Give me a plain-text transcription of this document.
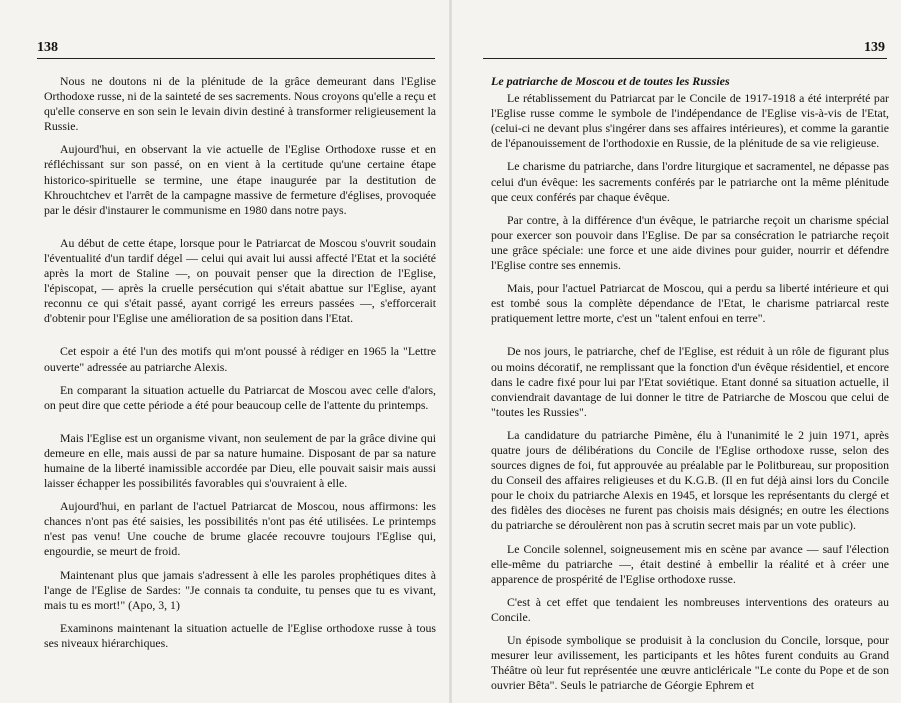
138

Nous ne doutons ni de la plénitude de la grâce demeurant dans l'Eglise Orthodoxe russe, ni de la sainteté de ses sacrements. Nous croyons qu'elle a reçu et qu'elle conserve en son sein le levain divin destiné à transformer religieusement la Russie.

Aujourd'hui, en observant la vie actuelle de l'Eglise Orthodoxe russe et en réfléchissant sur son passé, on en vient à la certitude qu'une certaine étape historico-spirituelle se termine, une étape inaugurée par la destitution de Khrouchtchev et l'arrêt de la campagne massive de fermeture d'églises, provoquée par le désir d'instaurer le communisme en 1980 dans notre pays.

Au début de cette étape, lorsque pour le Patriarcat de Moscou s'ouvrit soudain l'éventualité d'un tardif dégel — celui qui avait lui aussi affecté l'Etat et la société après la mort de Staline —, on pouvait penser que la direction de l'Eglise, l'épiscopat, — après la cruelle persécution qui s'était abattue sur l'Eglise, ayant reconnu ce qui s'était passé, ayant corrigé les erreurs passées —, s'efforcerait d'obtenir pour l'Eglise une amélioration de sa position dans l'Etat.

Cet espoir a été l'un des motifs qui m'ont poussé à rédiger en 1965 la "Lettre ouverte" adressée au patriarche Alexis.

En comparant la situation actuelle du Patriarcat de Moscou avec celle d'alors, on peut dire que cette période a été pour beaucoup celle de l'attente du printemps.

Mais l'Eglise est un organisme vivant, non seulement de par la grâce divine qui demeure en elle, mais aussi de par sa nature humaine. Disposant de par sa nature humaine de la liberté inamissible accordée par Dieu, elle pouvait saisir mais aussi laisser échapper les possibilités favorables qui s'ouvraient à elle.

Aujourd'hui, en parlant de l'actuel Patriarcat de Moscou, nous affirmons: les chances n'ont pas été saisies, les possibilités n'ont pas été utilisées. Le printemps n'est pas venu! Une couche de brume glacée recouvre toujours l'Eglise qui, engourdie, se meurt de froid.

Maintenant plus que jamais s'adressent à elle les paroles prophétiques dites à l'ange de l'Eglise de Sardes: "Je connais ta conduite, tu penses que tu es vivant, mais tu es mort!" (Apo, 3, 1)

Examinons maintenant la situation actuelle de l'Eglise orthodoxe russe à tous ses niveaux hiérarchiques.

139
Le patriarche de Moscou et de toutes les Russies

Le rétablissement du Patriarcat par le Concile de 1917-1918 a été interprété par l'Eglise russe comme le symbole de l'indépendance de l'Eglise vis-à-vis de l'Etat, (celui-ci ne devant plus s'ingérer dans ses affaires intérieures), et comme la garantie de l'épanouissement de l'orthodoxie en Russie, de la plénitude de sa vie religieuse.

Le charisme du patriarche, dans l'ordre liturgique et sacramentel, ne dépasse pas celui d'un évêque: les sacrements conférés par le patriarche ont la même plénitude que ceux conférés par chaque évêque.

Par contre, à la différence d'un évêque, le patriarche reçoit un charisme spécial pour exercer son pouvoir dans l'Eglise. De par sa consécration le patriarche reçoit une grâce spéciale: une force et une aide divines pour guider, nourrir et défendre l'Eglise contre ses ennemis.

Mais, pour l'actuel Patriarcat de Moscou, qui a perdu sa liberté intérieure et qui est tombé sous la complète dépendance de l'Etat, le charisme patriarcal reste pratiquement lettre morte, c'est un "talent enfoui en terre".

De nos jours, le patriarche, chef de l'Eglise, est réduit à un rôle de figurant plus ou moins décoratif, ne remplissant que la fonction d'un évêque résidentiel, et encore dans le cadre fixé pour lui par l'Etat soviétique. Etant donné sa situation actuelle, il conviendrait davantage de lui donner le titre de Patriarche de Moscou que celui de "toutes les Russies".

La candidature du patriarche Pimène, élu à l'unanimité le 2 juin 1971, après quatre jours de délibérations du Concile de l'Eglise orthodoxe russe, selon des sources dignes de foi, fut approuvée au préalable par le Politbureau, sur proposition du Conseil des affaires religieuses et du K.G.B. (Il en fut déjà ainsi lors du Concile pour le choix du patriarche Alexis en 1945, et lorsque les représentants du clergé et des fidèles des diocèses ne furent pas choisis mais désignés; en outre les élections du patriarche se déroulèrent non pas à scrutin secret mais par un vote public).

Le Concile solennel, soigneusement mis en scène par avance — sauf l'élection elle-même du patriarche —, était destiné à embellir la réalité et à créer une apparence de prospérité de l'Eglise orthodoxe russe.

C'est à cet effet que tendaient les nombreuses interventions des orateurs au Concile.

Un épisode symbolique se produisit à la conclusion du Concile, lorsque, pour mesurer leur avilissement, les participants et les hôtes furent conduits au Grand Théâtre où leur fut représentée une œuvre anticléricale "Le conte du Pope et de son ouvrier Bêta". Seuls le patriarche de Géorgie Ephrem et
